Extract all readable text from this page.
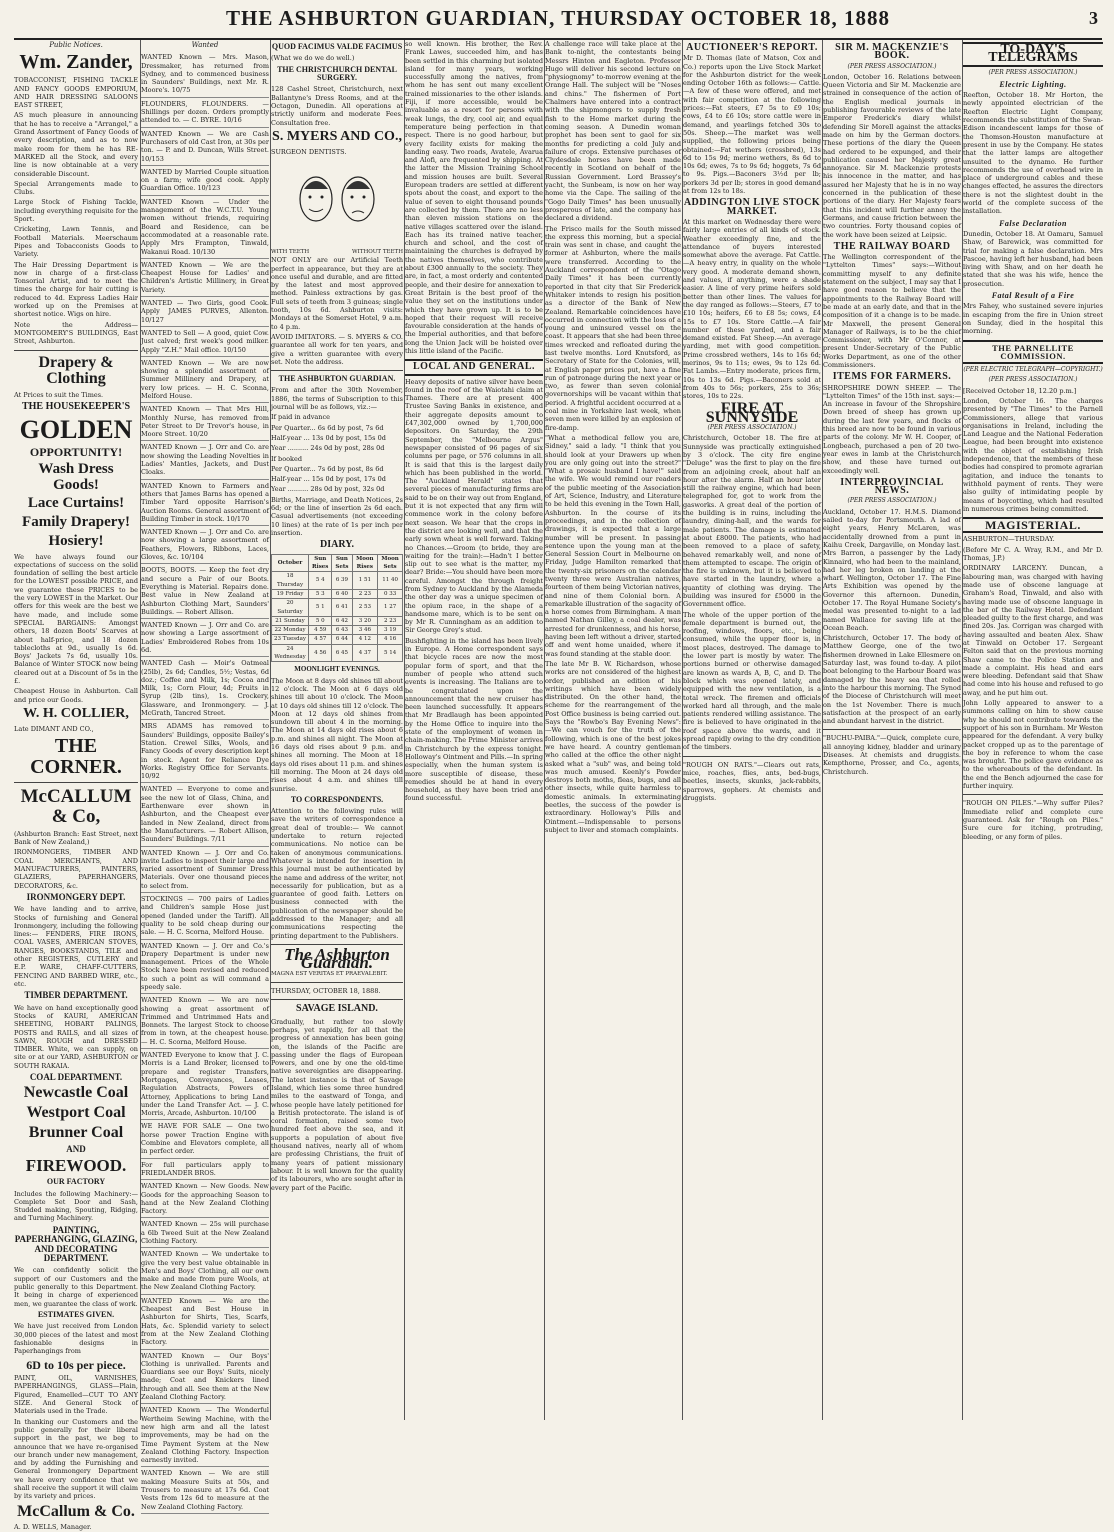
THE ASHBURTON GUARDIAN, THURSDAY OCTOBER 18, 1888	3
Public Notices.
Wm. Zander,

TOBACCONIST, FISHING TACKLE AND FANCY GOODS EMPORIUM, AND HAIR DRESSING SALOONS EAST STREET,

AS much pleasure in announcing that he has to receive a "Arrangel," a Grand Assortment of Fancy Goods of every description, and as to now make room for them he has RE-MARKED all the Stock, and every line is now obtainable at a very considerable Discount.

Special Arrangements made to Clubs.

Large Stock of Fishing Tackle, including everything requisite for the Sport.

Cricketing, Lawn Tennis, and Football Materials. Meerschaum Pipes and Tobacconists Goods to Variety.

The Hair Dressing Department is now in charge of a first-class Tonsorial Artist, and to meet the times the charge for hair cutting is reduced to 4d. Express Ladies Hair worked up on the Premises at shortest notice. Wigs on hire.

Note the Address— MONTGOMERY'S BUILDINGS, East Street, Ashburton.

Drapery & Clothing

At Prices to suit the Times.

THE HOUSEKEEPER'S
GOLDEN
OPPORTUNITY!
Wash Dress Goods!
Lace Curtains!
Family Drapery!
Hosiery!

We have always found our expectations of success on the solid foundation of selling the best article for the LOWEST possible PRICE, and we guarantee these PRICES to be the very LOWEST in the Market. Our offers for this week are the best we have made, and include some SPECIAL BARGAINS: Amongst others, 18 dozen Boots' Scarves at about half-price, and 18 dozen tablecloths at 9d., usually 1s 6d. Boys' Jackets 7s 6d, usually 10s. Balance of Winter STOCK now being cleared out at a Discount of 5s in the £.

Cheapest House in Ashburton. Call and price our Goods.

W. H. COLLIER,

Late DIMANT AND CO.,

THE CORNER.
McCALLUM & Co,

(Ashburton Branch: East Street, next Bank of New Zealand,)

IRONMONGERS, TIMBER AND COAL MERCHANTS, AND MANUFACTURERS, PAINTERS, GLAZIERS, PAPERHANGERS, DECORATORS, &c.

IRONMONGERY DEPT.

We have landing and to arrive, Stocks of furnishing and General Ironmongery, including the following lines:— FENDERS, FIRE IRONS, COAL VASES, AMERICAN STOVES, RANGES, BOOKSTANDS, TILE and other REGISTERS, CUTLERY and E.P. WARE, CHAFF-CUTTERS, FENCING AND BARBED WIRE, etc., etc.

TIMBER DEPARTMENT.

We have on hand exceptionally good Stocks of KAURI, AMERICAN SHEETING, HOBART PALINGS, POSTS and RAILS, and all sizes of SAWN, ROUGH and DRESSED TIMBER. White, we can supply, on site or at our YARD, ASHBURTON or SOUTH RAKAIA.

COAL DEPARTMENT.
Newcastle Coal
Westport Coal
Brunner Coal
AND
FIREWOOD.
OUR FACTORY

Includes the following Machinery:— Complete Set Door and Sash, Studded making, Spouting, Ridging, and Turning Machinery.

PAINTING, PAPERHANGING, GLAZING, AND DECORATING DEPARTMENT.

We can confidently solicit the support of our Customers and the public generally to this Department. It being in charge of experienced men, we guarantee the class of work.

ESTIMATES GIVEN.

We have just received from London 30,000 pieces of the latest and most fashionable designs in Paperhangings from

6D to 10s per piece.

PAINT, OIL, VARNISHES, PAPERHANGINGS, GLASS—Plain, Figured, Enamelled—CUT TO ANY SIZE. And General Stock of Materials used in the Trade.

In thanking our Customers and the public generally for their liberal support in the past, we beg to announce that we have re-organised our branch under new management, and by adding the Furnishing and General Ironmongery Department we have every confidence that we shall receive the support it will claim by its variety and prices.

McCallum & Co.

A. D. WELLS, Manager.

Wanted

WANTED Known — Mrs. Mason, Dressmaker, has returned from Sydney, and to commenced business in Saunders' Buildings, next Mr. R. Moore's. 10/75

FLOUNDERS, FLOUNDERS. — Shillings per dozen. Orders promptly attended to. — C. BYRE. 10/16

WANTED Known — We are Cash Purchasers of old Cast Iron, at 30s per ton. — P. and D. Duncan, Wills Street. 10/153

WANTED by Married Couple situation on a farm; wife good cook. Apply Guardian Office. 10/123

WANTED Known — Under the management of the W.C.T.U. Young women without friends, requiring Board and Residence, can be accommodated at a reasonable rate. Apply Mrs Frampton, Tinwald, Wakanui Road. 10/130

WANTED Known — We are the Cheapest House for Ladies' and Children's Artistic Millinery, in Great Variety.

WANTED — Two Girls, good Cook. Apply JAMES PURVES, Allenton. 10/127

WANTED to Sell — A good, quiet Cow. Just calved; first week's good milker. Apply "Z.H." Mail office. 10/150

WANTED Known — We are now showing a splendid assortment of Summer Millinery and Drapery, at very low prices. — H. C. Sconna, Melford House.

WANTED Known — That Mrs Hill, Monthly Nurse, has removed from Peter Street to Dr Trevor's house, in Moore Street. 10/20

WANTED Known — J. Orr and Co. are now showing the Leading Novelties in Ladies' Mantles, Jackets, and Dust Cloaks.

WANTED Known to Farmers and others that James Barns has opened a Timber Yard opposite Harrison's Auction Rooms. General assortment of Building Timber in stock. 10/170

WANTED Known — J. Orr and Co. are now showing a large assortment of Feathers, Flowers, Ribbons, Laces, Gloves, &c. 10/104

BOOTS, BOOTS. — Keep the feet dry and secure a Pair of our Boots. Everything is Material. Repairs done. Best value in New Zealand at Ashburton Clothing Mart, Saunders' Buildings. — Robert Allison.

WANTED Known — J. Orr and Co. are now showing a Large assortment of Ladies' Embroidered Robes from 10s 6d.

WANTED Cash — Moir's Oatmeal (25lb), 2s 6d; Candles, 5½; Vestas, 6d doz.; Coffee and Milk, 1s; Cocoa and Milk, 1s; Corn Flour, 4d; Fruits in Syrup (2lb tins), 1s. Crockery, Glassware, and Ironmongery. — J. McGrath, Tancred Street.

MRS ADAMS has removed to Saunders' Buildings, opposite Bailey's Station. Crewel Silks, Wools, and Fancy Goods of every description kept in stock. Agent for Reliance Dye Works. Registry Office for Servants. 10/92

WANTED — Everyone to come and see the new lot of Glass, China, and Earthenware ever shown in Ashburton, and the Cheapest ever landed in New Zealand, direct from the Manufacturers. — Robert Allison, Saunders' Buildings. 7/11

WANTED Known — J. Orr and Co. invite Ladies to inspect their large and varied assortment of Summer Dress Materials. Over one thousand pieces to select from.

STOCKINGS — 700 pairs of Ladies and Children's sample Hose just opened (landed under the Tariff). All quality to be sold cheap during our sale. — H. C. Scorna, Melford House.

WANTED Known — J. Orr and Co.'s Drapery Department is under new management. Prices of the Whole Stock have been revised and reduced to such a point as will command a speedy sale.

WANTED Known — We are now showing a great assortment of Trimmed and Untrimmed Hats and Bonnets. The largest Stock to choose from in town, at the cheapest house. — H. C. Scorna, Melford House.

WANTED Everyone to know that J. C. Morris is a Land Broker, licensed to prepare and register Transfers, Mortgages, Conveyances, Leases, Regulation Abstracts, Powers of Attorney, Applications to bring Land under the Land Transfer Act. — J. C. Morris, Arcade, Ashburton. 10/100

WE HAVE FOR SALE — One two horse power Traction Engine with Combine and Elevators complete, all in perfect order.

For full particulars apply to FRIEDLANDER BROS.

WANTED Known — New Goods. New Goods for the approaching Season to hand at the New Zealand Clothing Factory.

WANTED Known — 25s will purchase a 6lb Tweed Suit at the New Zealand Clothing Factory.

WANTED Known — We undertake to give the very best value obtainable in Men's and Boys' Clothing, all our own make and made from pure Wools, at the New Zealand Clothing Factory.

WANTED Known — We are the Cheapest and Best House in Ashburton for Shirts, Ties, Scarfs, Hats, &c. Splendid variety to select from at the New Zealand Clothing Factory.

WANTED Known — Our Boys' Clothing is unrivalled. Parents and Guardians see our Boys' Suits, nicely made; Coat and Knickers lined through and all. See them at the New Zealand Clothing Factory.

WANTED Known — The Wonderful Wertheim Sewing Machine, with the new high arm and all the latest improvements, may be had on the Time Payment System at the New Zealand Clothing Factory. Inspection earnestly invited.

WANTED Known — We are still making Measure Suits at 50s, and Trousers to measure at 17s 6d. Coat Vests from 12s 6d to measure at the New Zealand Clothing Factory.

QUOD FACIMUS VALDE FACIMUS

(What we do we do well.)

THE CHRISTCHURCH DENTAL SURGERY.

128 Cashel Street, Christchurch, next Ballantyne's Dress Rooms, and at the Octagon, Dunedin. All operations at strictly uniform and moderate Fees. Consultation free.

S. MYERS AND CO.,

SURGEON DENTISTS.

WITH TEETH	WITHOUT TEETH

NOT ONLY are our Artificial Teeth perfect in appearance, but they are at once useful and durable, and are fitted by the latest and most approved method. Painless extractions by gas. Full sets of teeth from 3 guineas; single tooth, 10s 6d. Ashburton visits: Mondays at the Somerset Hotel, 9 a.m. to 4 p.m.

AVOID IMITATORS. — S. MYERS & CO. guarantee all work for ten years, and give a written guarantee with every set. Note the address.

THE ASHBURTON GUARDIAN.

From and after the 30th November, 1886, the terms of Subscription to this journal will be as follows, viz.:—

If paid in advance

Per Quarter... 6s 6d by post, 7s 6d

Half-year ... 13s 0d by post, 15s 0d

Year .......... 24s 0d by post, 28s 0d

If booked

Per Quarter... 7s 6d by post, 8s 6d

Half-year ... 15s 0d by post, 17s 0d

Year .......... 28s 0d by post, 32s 0d

Births, Marriage, and Death Notices, 2s 6d; or the line of insertion 2s 6d each. Casual advertisements (not exceeding 10 lines) at the rate of 1s per inch per insertion.

DIARY.
October	Sun Rises	Sun Sets	Moon Rises	Moon Sets
18 Thursday	5 4	6 39	1 51	11 40
19 Friday	5 3	6 40	2 23	0 33
20 Saturday	5 1	6 41	2 53	1 27
21 Sunday	5 0	6 42	3 20	2 23
22 Monday	4 59	6 43	3 46	3 19
23 Tuesday	4 57	6 44	4 12	4 16
24 Wednesday	4 56	6 45	4 37	5 14
MOONLIGHT EVENINGS.

The Moon at 8 days old shines till about 12 o'clock. The Moon at 6 days old shines till about 10 o'clock. The Moon at 10 days old shines till 12 o'clock. The Moon at 12 days old shines from sundown till about 4 in the morning. The Moon at 14 days old rises about 6 p.m. and shines all night. The Moon at 16 days old rises about 9 p.m. and shines all morning. The Moon at 18 days old rises about 11 p.m. and shines till morning. The Moon at 24 days old rises about 4 a.m. and shines till sunrise.

TO CORRESPONDENTS.

Attention to the following rules will save the writers of correspondence a great deal of trouble:— We cannot undertake to return rejected communications. No notice can be taken of anonymous communications. Whatever is intended for insertion in this journal must be authenticated by the name and address of the writer, not necessarily for publication, but as a guarantee of good faith. Letters on business connected with the publication of the newspaper should be addressed to the Manager; and all communications respecting the printing department to the Publishers.

The Ashburton Guardian.

MAGNA EST VERITAS ET PRAEVALEBIT.

THURSDAY, OCTOBER 18, 1888.

SAVAGE ISLAND.

Gradually, but rather too slowly perhaps, yet rapidly, for all that the progress of annexation has been going on, the islands of the Pacific are passing under the flags of European Powers, and one by one the old-time native sovereignties are disappearing. The latest instance is that of Savage Island, which lies some three hundred miles to the eastward of Tonga, and whose people have lately petitioned for a British protectorate. The island is of coral formation, raised some two hundred feet above the sea, and it supports a population of about five thousand natives, nearly all of whom are professing Christians, the fruit of many years of patient missionary labour. It is well known for the quality of its labourers, who are sought after in every part of the Pacific.

so well known. His brother, the Rev. Frank Lawes, succeeded him, and has been settled in this charming but isolated island for many years, working successfully among the natives, from whom he has sent out many excellent trained missionaries to the other islands. Fiji, if more accessible, would be invaluable as a resort for persons with weak lungs, the dry, cool air, and equal temperature being perfection in that respect. There is no good harbour, but every facility exists for making the landing easy. Two roads, Avatele, Avarua and Alofi, are frequented by shipping. At the latter the Mission Training School and mission houses are built. Several European traders are settled at different spots about the coast, and export to the value of seven to eight thousand pounds are collected by them. There are no less than eleven mission stations on the native villages scattered over the island. Each has its trained native teacher, church and school, and the cost of maintaining the churches is defrayed by the natives themselves, who contribute about £300 annually to the society. They are, in fact, a most orderly and contented people, and their desire for annexation to Great Britain is the best proof of the value they set on the institutions under which they have grown up. It is to be hoped that their request will receive favourable consideration at the hands of the Imperial authorities, and that before long the Union Jack will be hoisted over this little island of the Pacific.

LOCAL AND GENERAL.

Heavy deposits of native silver have been found in the roof of the Waiotahi claim at Thames. There are at present 400 Trustee Saving Banks in existence, and their aggregate deposits amount to £47,302,000 owned by 1,700,000 depositors. On Saturday, the 29th September, the "Melbourne Argus" newspaper consisted of 96 pages of six columns per page, or 576 columns in all. It is said that this is the largest daily which has been published in the world. The "Auckland Herald" states that several pieces of manufacturing firms are said to be on their way out from England, but it is not expected that any firm will commence work in the colony before next season. We hear that the crops in the district are looking well, and that the early sown wheat is well forward. Taking no Chances.—Groom (to bride, they are waiting for the train):—Hadn't I better slip out to see what is the matter, my dear? Bride:—You should have been more careful. Amongst the through freight from Sydney to Auckland by the Alameda the other day was a unique specimen of the opium race, in the shape of a handsome mare, which is to be sent on by Mr R. Cunningham as an addition to Sir George Grey's stud.

Bushfighting in the island has been lively in Europe. A Home correspondent says that bicycle races are now the most popular form of sport, and that the number of people who attend such events is increasing. The Italians are to be congratulated upon the announcement that the new cruiser has been launched successfully. It appears that Mr Bradlaugh has been appointed by the Home Office to inquire into the state of the employment of women in chain-making. The Prime Minister arrives in Christchurch by the express tonight. Holloway's Ointment and Pills.—In spring especially, when the human system is more susceptible of disease, these remedies should be at hand in every household, as they have been tried and found successful.

A challenge race will take place at the Bank to-night, the contestants being Messrs Hinton and Eagleton. Professor Hugo will deliver his second lecture on "physiognomy" to-morrow evening at the Orange Hall. The subject will be "Noses and chins." The fishermen of Port Chalmers have entered into a contract with the shipmongers to supply fresh fish to the Home market during the coming season. A Dunedin woman prophet has been sent to gaol for six months for predicting a cold July and failure of crops. Extensive purchases of Clydesdale horses have been made recently in Scotland on behalf of the Russian Government. Lord Brassey's yacht, the Sunbeam, is now on her way home via the Cape. The sailing of the "Gogo Daily Times" has been unusually prosperous of late, and the company has declared a dividend.

The Frisco mails for the South missed the express this morning, but a special train was sent in chase, and caught the former at Ashburton, where the mails were transferred. According to the Auckland correspondent of the "Otago Daily Times" it has been currently reported in that city that Sir Frederick Whitaker intends to resign his position as a director of the Bank of New Zealand. Remarkable coincidences have occurred in connection with the loss of a young and uninsured vessel on the coast. It appears that she had been three times wrecked and refloated during the last twelve months. Lord Knutsford, as Secretary of State for the Colonies, will, at English paper prices put, have a fine run of patronage during the next year or two, as fewer than seven colonial governorships will be vacant within that period. A frightful accident occurred at a coal mine in Yorkshire last week, when seven men were killed by an explosion of fire-damp.

"What a methodical fellow you are, Sidney," said a lady. "I think that you should look at your Drawers up when you are only going out into the street?" "What a prosaic husband I have!" said the wife. We would remind our readers of the public meeting of the Association of Art, Science, Industry, and Literature to be held this evening in the Town Hall, Ashburton. In the course of its proceedings, and in the collection of drawings, it is expected that a large number will be present. In passing sentence upon the young man at the General Session Court in Melbourne on Friday, Judge Hamilton remarked that the twenty-six prisoners on the calendar twenty three were Australian natives, fourteen of them being Victorian natives, and nine of them Colonial born. A remarkable illustration of the sagacity of a horse comes from Birmingham. A man named Nathan Gilley, a coal dealer, was arrested for drunkenness, and his horse, having been left without a driver, started off and went home unaided, where it was found standing at the stable door.

The late Mr B. W. Richardson, whose works are not considered of the highest order, published an edition of his writings which have been widely distributed. On the other hand, the scheme for the rearrangement of the Post Office business is being carried out. Says the "Rowbo's Bay Evening News":—We can vouch for the truth of the following, which is one of the best jokes we have heard. A country gentleman who called at the office the other night asked what a "sub" was, and being told was much amused. Keenly's Powder destroys both moths, fleas, bugs, and all other insects, while quite harmless to domestic animals. In exterminating beetles, the success of the powder is extraordinary. Holloway's Pills and Ointment.—Indispensable to persons subject to liver and stomach complaints.

AUCTIONEER'S REPORT.

Mr D. Thomas (late of Matson, Cox and Co.) reports upon the Live Stock Market for the Ashburton district for the week ending October 16th as follows:— Cattle.—A few of these were offered, and met with fair competition at the following prices:—Fat steers, £7 5s to £9 10s; cows, £4 to £6 10s; store cattle were in demand, and yearlings fetched 30s to 50s. Sheep.—The market was well supplied, the following prices being obtained:—Fat wethers (crossbred), 13s 6d to 15s 9d; merino wethers, 8s 6d to 10s 6d; ewes, 7s to 9s 6d; hoggets, 7s 6d to 9s. Pigs.—Baconers 3½d per lb; porkers 3d per lb; stores in good demand at from 12s to 18s.

ADDINGTON LIVE STOCK MARKET.

At this market on Wednesday there were fairly large entries of all kinds of stock. Weather exceedingly fine, and the attendance of buyers interested somewhat above the average. Fat Cattle.—A heavy entry, in quality on the whole very good. A moderate demand shown, and values, if anything, were a shade easier. A line of very prime heifers sold better than other lines. The values for the day ranged as follows:—Steers, £7 to £10 10s; heifers, £6 to £8 5s; cows, £4 15s to £7 10s. Store Cattle.—A fair number of these yarded, and a fair demand existed. Fat Sheep.—An average yarding, met with good competition. Prime crossbred wethers, 14s to 16s 6d; merinos, 9s to 11s; ewes, 9s to 12s 6d. Fat Lambs.—Entry moderate, prices firm, 10s to 13s 6d. Pigs.—Baconers sold at from 40s to 56s; porkers, 25s to 36s; stores, 10s to 22s.

FIRE AT SUNNYSIDE
(PER PRESS ASSOCIATION.)

Christchurch, October 18. The fire at Sunnyside was practically extinguished by 3 o'clock. The city fire engine "Deluge" was the first to play on the fire from an adjoining creek, about half an hour after the alarm. Half an hour later still the railway engine, which had been telegraphed for, got to work from the gasworks. A great deal of the portion of the building is in ruins, including the laundry, dining-hall, and the wards for male patients. The damage is estimated at about £8000. The patients, who had been removed to a place of safety, behaved remarkably well, and none of them attempted to escape. The origin of the fire is unknown, but it is believed to have started in the laundry, where a quantity of clothing was drying. The building was insured for £5000 in the Government office.

The whole of the upper portion of the female department is burned out, the roofing, windows, floors, etc., being consumed, while the upper floor is, in most places, destroyed. The damage to the lower part is mostly by water. The portions burned or otherwise damaged are known as wards A, B, C, and D. The block which was opened lately, and equipped with the new ventilation, is a total wreck. The firemen and officials worked hard all through, and the male patients rendered willing assistance. The fire is believed to have originated in the roof space above the wards, and it spread rapidly owing to the dry condition of the timbers.

"ROUGH ON RATS."—Clears out rats, mice, roaches, flies, ants, bed-bugs, beetles, insects, skunks, jack-rabbits, sparrows, gophers. At chemists and druggists.

SIR M. MACKENZIE'S BOOK.
(PER PRESS ASSOCIATION.)

London, October 16. Relations between Queen Victoria and Sir M. Mackenzie are strained in consequence of the action of the English medical journals in publishing favourable reviews of the late Emperor Frederick's diary whilst defending Sir Morell against the attacks made on him by the German doctors. These portions of the diary the Queen had ordered to be expunged, and their publication caused her Majesty great annoyance. Sir M. Mackenzie protests his innocence in the matter, and has assured her Majesty that he is in no way concerned in the publication of these portions of the diary. Her Majesty fears that this incident will further annoy the Germans, and cause friction between the two countries. Forty thousand copies of the work have been seized at Leipsic.

THE RAILWAY BOARD

The Wellington correspondent of the "Lyttelton Times" says:—Without committing myself to any definite statement on the subject, I may say that I have good reason to believe that the appointments to the Railway Board will be made at an early date, and that in the composition of it a change is to be made. Mr Maxwell, the present General Manager of Railways, is to be the chief Commissioner, with Mr O'Connor, at present Under-Secretary of the Public Works Department, as one of the other Commissioners.

ITEMS FOR FARMERS.

SHROPSHIRE DOWN SHEEP. — The "Lyttelton Times" of the 15th inst. says:— An increase in favour of the Shropshire Down breed of sheep has grown up during the last few years, and flocks of this breed are now to be found in various parts of the colony. Mr W. H. Cooper, of Longbeach, purchased a pen of 20 two-year ewes in lamb at the Christchurch show, and these have turned out exceedingly well.

INTERPROVINCIAL NEWS.
(PER PRESS ASSOCIATION.)

Auckland, October 17. H.M.S. Diamond sailed to-day for Portsmouth. A lad of eight years, Henry McLaren, was accidentally drowned from a punt in Kaihu Creek, Dargaville, on Monday last. Mrs Barron, a passenger by the Lady Kinnaird, who had been to the mainland, had her leg broken on landing at the wharf. Wellington, October 17. The Fine Arts Exhibition was opened by the Governor this afternoon. Dunedin, October 17. The Royal Humane Society's medal was presented to-night to a lad named Wallace for saving life at the Ocean Beach.

Christchurch, October 17. The body of Matthew George, one of the two fishermen drowned in Lake Ellesmere on Saturday last, was found to-day. A pilot boat belonging to the Harbour Board was damaged by the heavy sea that rolled into the harbour this morning. The Synod of the Diocese of Christchurch will meet on the 1st November. There is much satisfaction at the prospect of an early and abundant harvest in the district.

"BUCHU-PAIBA."—Quick, complete cure, all annoying kidney, bladder and urinary Diseases. At chemists and druggists. Kempthorne, Prosser, and Co., agents, Christchurch.

TO-DAY'S TELEGRAMS
(PER PRESS ASSOCIATION.)
Electric Lighting.

Reefton, October 18. Mr Horton, the newly appointed electrician of the Reefton Electric Light Company, recommends the substitution of the Swan-Edison incandescent lamps for those of the Thomson-Houston manufacture at present in use by the Company. He states that the latter lamps are altogether unsuited to the dynamo. He further recommends the use of overhead wire in place of underground cables and these changes effected, he assures the directors there is not the slightest doubt in the world of the complete success of the installation.

False Declaration

Dunedin, October 18. At Oamaru, Samuel Shaw, of Barewick, was committed for trial for making a false declaration. Mrs Pascoe, having left her husband, had been living with Shaw, and on her death he stated that she was his wife, hence the prosecution.

Fatal Result of a Fire

Mrs Fahey, who sustained severe injuries in escaping from the fire in Union street on Sunday, died in the hospital this morning.

THE PARNELLITE COMMISSION.
(PER ELECTRIC TELEGRAPH—COPYRIGHT.)
(PER PRESS ASSOCIATION.)

[Received October 18, 12.20 p.m.]

London, October 16. The charges presented by "The Times" to the Parnell Commissioners, allege that various organisations in Ireland, including the Land League and the National Federation League, had been brought into existence with the object of establishing Irish independence, that the members of these bodies had conspired to promote agrarian agitation, and induce the tenants to withhold payment of rents. They were also guilty of intimidating people by means of boycotting, which had resulted in numerous crimes being committed.

MAGISTERIAL.

ASHBURTON—THURSDAY.

(Before Mr C. A. Wray, R.M., and Mr D. Thomas, J.P.)

ORDINARY LARCENY. Duncan, a labouring man, was charged with having made use of obscene language at Graham's Road, Tinwald, and also with having made use of obscene language in the bar of the Railway Hotel. Defendant pleaded guilty to the first charge, and was fined 20s. Jas. Corrigan was charged with having assaulted and beaten Alex. Shaw at Tinwald on October 17. Sergeant Felton said that on the previous morning Shaw came to the Police Station and made a complaint. His head and ears were bleeding. Defendant said that Shaw had come into his house and refused to go away, and he put him out.

John Lolly appeared to answer to a summons calling on him to show cause why he should not contribute towards the support of his son in Burnham. Mr Weston appeared for the defendant. A very bulky packet cropped up as to the parentage of the boy in reference to whom the case was brought. The police gave evidence as to the whereabouts of the defendant. In the end the Bench adjourned the case for further inquiry.

"ROUGH ON PILES."—Why suffer Piles? Immediate relief and complete cure guaranteed. Ask for "Rough on Piles." Sure cure for itching, protruding, bleeding, or any form of piles.
